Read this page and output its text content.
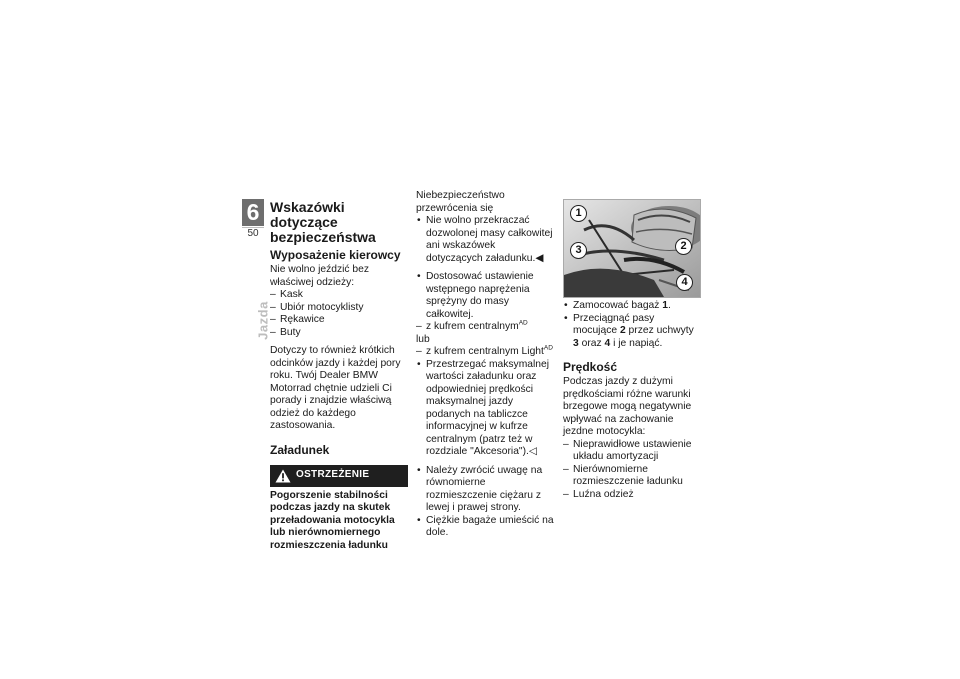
6
50
Jazda
Wskazówki dotyczące bezpieczeństwa
Wyposażenie kierowcy

Nie wolno jeździć bez właściwej odzieży:

– Kask
– Ubiór motocyklisty
– Rękawice
– Buty

Dotyczy to również krótkich odcinków jazdy i każdej pory roku. Twój Dealer BMW Motorrad chętnie udzieli Ci porady i znajdzie właściwą odzież do każdego zastosowania.

Załadunek
OSTRZEŻENIE

Pogorszenie stabilności podczas jazdy na skutek przeładowania motocykla lub nierównomiernego rozmieszczenia ładunku

Niebezpieczeństwo przewrócenia się

• Nie wolno przekraczać dozwolonej masy całkowitej ani wskazówek dotyczących załadunku.◀
• Dostosować ustawienie wstępnego naprężenia sprężyny do masy całkowitej.
– z kufrem centralnym$^{AD}$

lub

– z kufrem centralnym Light$^{AD}$
• Przestrzegać maksymalnej wartości załadunku oraz odpowiedniej prędkości maksymalnej jazdy podanych na tabliczce informacyjnej w kufrze centralnym (patrz też w rozdziale "Akcesoria").◁
• Należy zwrócić uwagę na równomierne rozmieszczenie ciężaru z lewej i prawej strony.
• Ciężkie bagaże umieścić na dole.
1
2
3
4
• Zamocować bagaż 1.
• Przeciągnąć pasy mocujące 2 przez uchwyty 3 oraz 4 i je napiąć.
Prędkość

Podczas jazdy z dużymi prędkościami różne warunki brzegowe mogą negatywnie wpływać na zachowanie jezdne motocykla:

– Nieprawidłowe ustawienie układu amortyzacji
– Nierównomierne rozmieszczenie ładunku
– Luźna odzież
